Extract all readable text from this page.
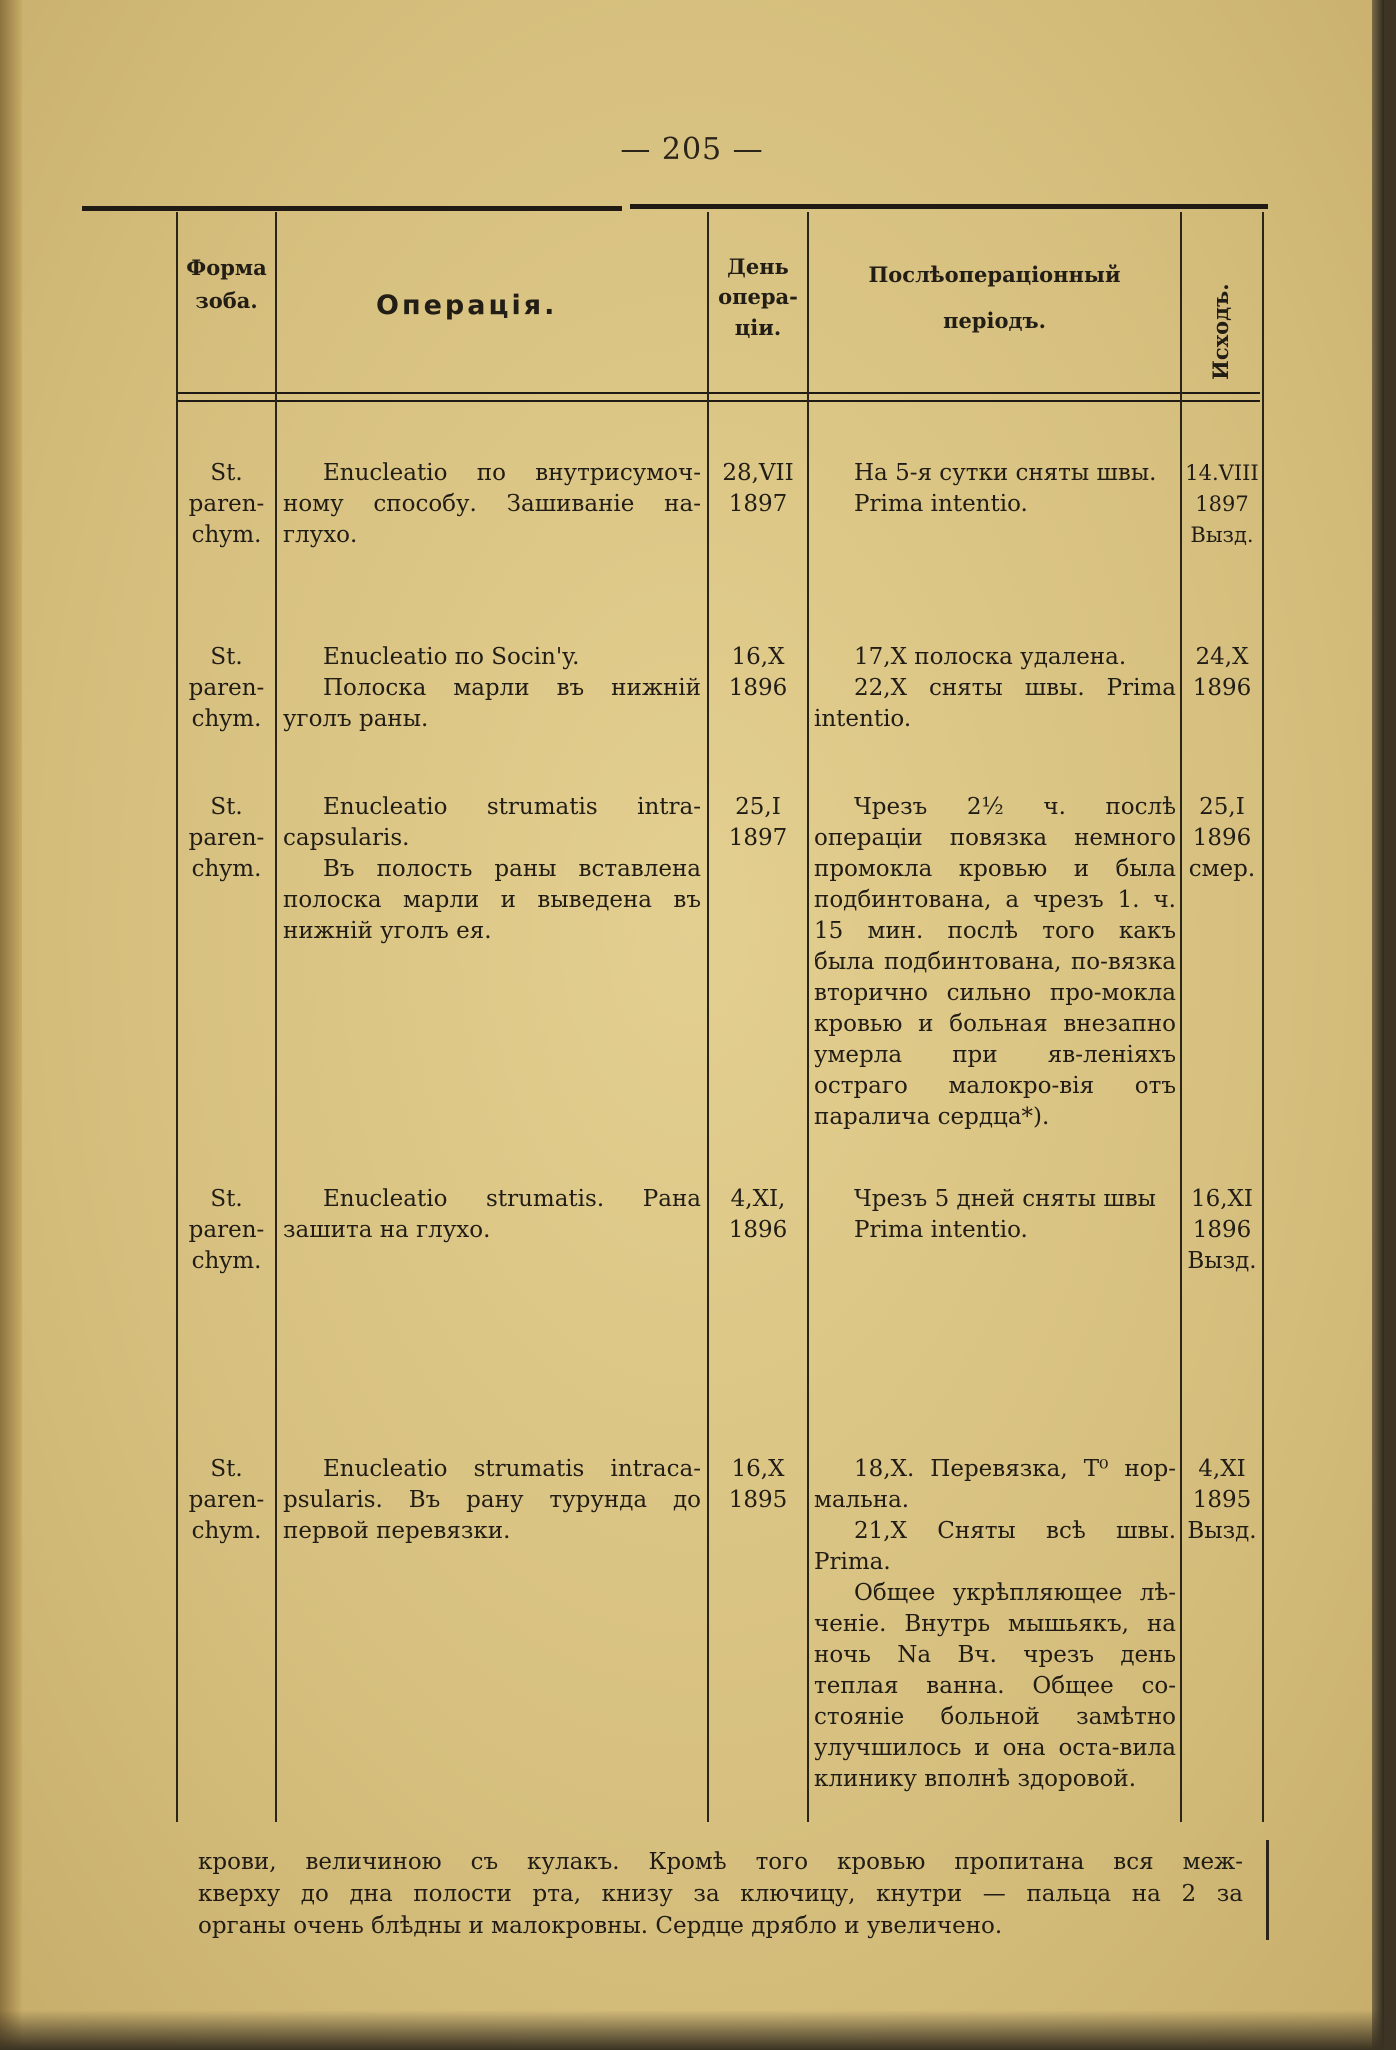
— 205 —
Форма
зоба.	Операція.
День
опера-
ціи.
Послѣоперaціонный
періодъ.	Исходъ.
St.
paren-
chym.

Enucleatio по внутрисумоч-ному способу. Зашиваніе на-глухо.

28,VII
1897

На 5-я сутки сняты швы.

Prima intentio.

14.VIII
1897
Вызд.
St.
paren-
chym.

Enucleatio по Socin'y.

Полоска марли въ нижній уголъ раны.

16,X
1896

17,X полоска удалена.

22,X сняты швы. Prima intentio.

24,X
1896
St.
paren-
chym.

Enucleatio strumatis intra-capsularis.

Въ полость раны вставлена полоска марли и выведена въ нижній уголъ ея.

25,I
1897

Чрезъ 2½ ч. послѣ операціи повязка немного промокла кровью и была подбинтована, а чрезъ 1. ч. 15 мин. послѣ того какъ была подбинтована, по-вязка вторично сильно про-мокла кровью и больная внезапно умерла при яв-леніяхъ остраго малокро-вія отъ паралича сердца*).

25,I
1896
смер.
St.
paren-
chym.

Enucleatio strumatis. Рана зашита на глухо.

4,XI,
1896

Чрезъ 5 дней сняты швы

Prima intentio.

16,XI
1896
Вызд.
St.
paren-
chym.

Enucleatio strumatis intraca-psularis. Въ рану турунда до первой перевязки.

16,X
1895

18,X. Перевязка, T⁰ нор-мальна.

21,X Сняты всѣ швы. Prima.

Общее укрѣпляющее лѣ-ченіе. Внутрь мышьякъ, на ночь Na Вч. чрезъ день теплая ванна. Общее со-стояніе больной замѣтно улучшилось и она оста-вила клинику вполнѣ здоровой.

4,XI
1895
Вызд.

крови, величиною съ кулакъ. Кромѣ того кровью пропитана вся меж-

кверху до дна полости рта, книзу за ключицу, кнутри — пальца на 2 за

органы очень блѣдны и малокровны. Сердце дрябло и увеличено.
